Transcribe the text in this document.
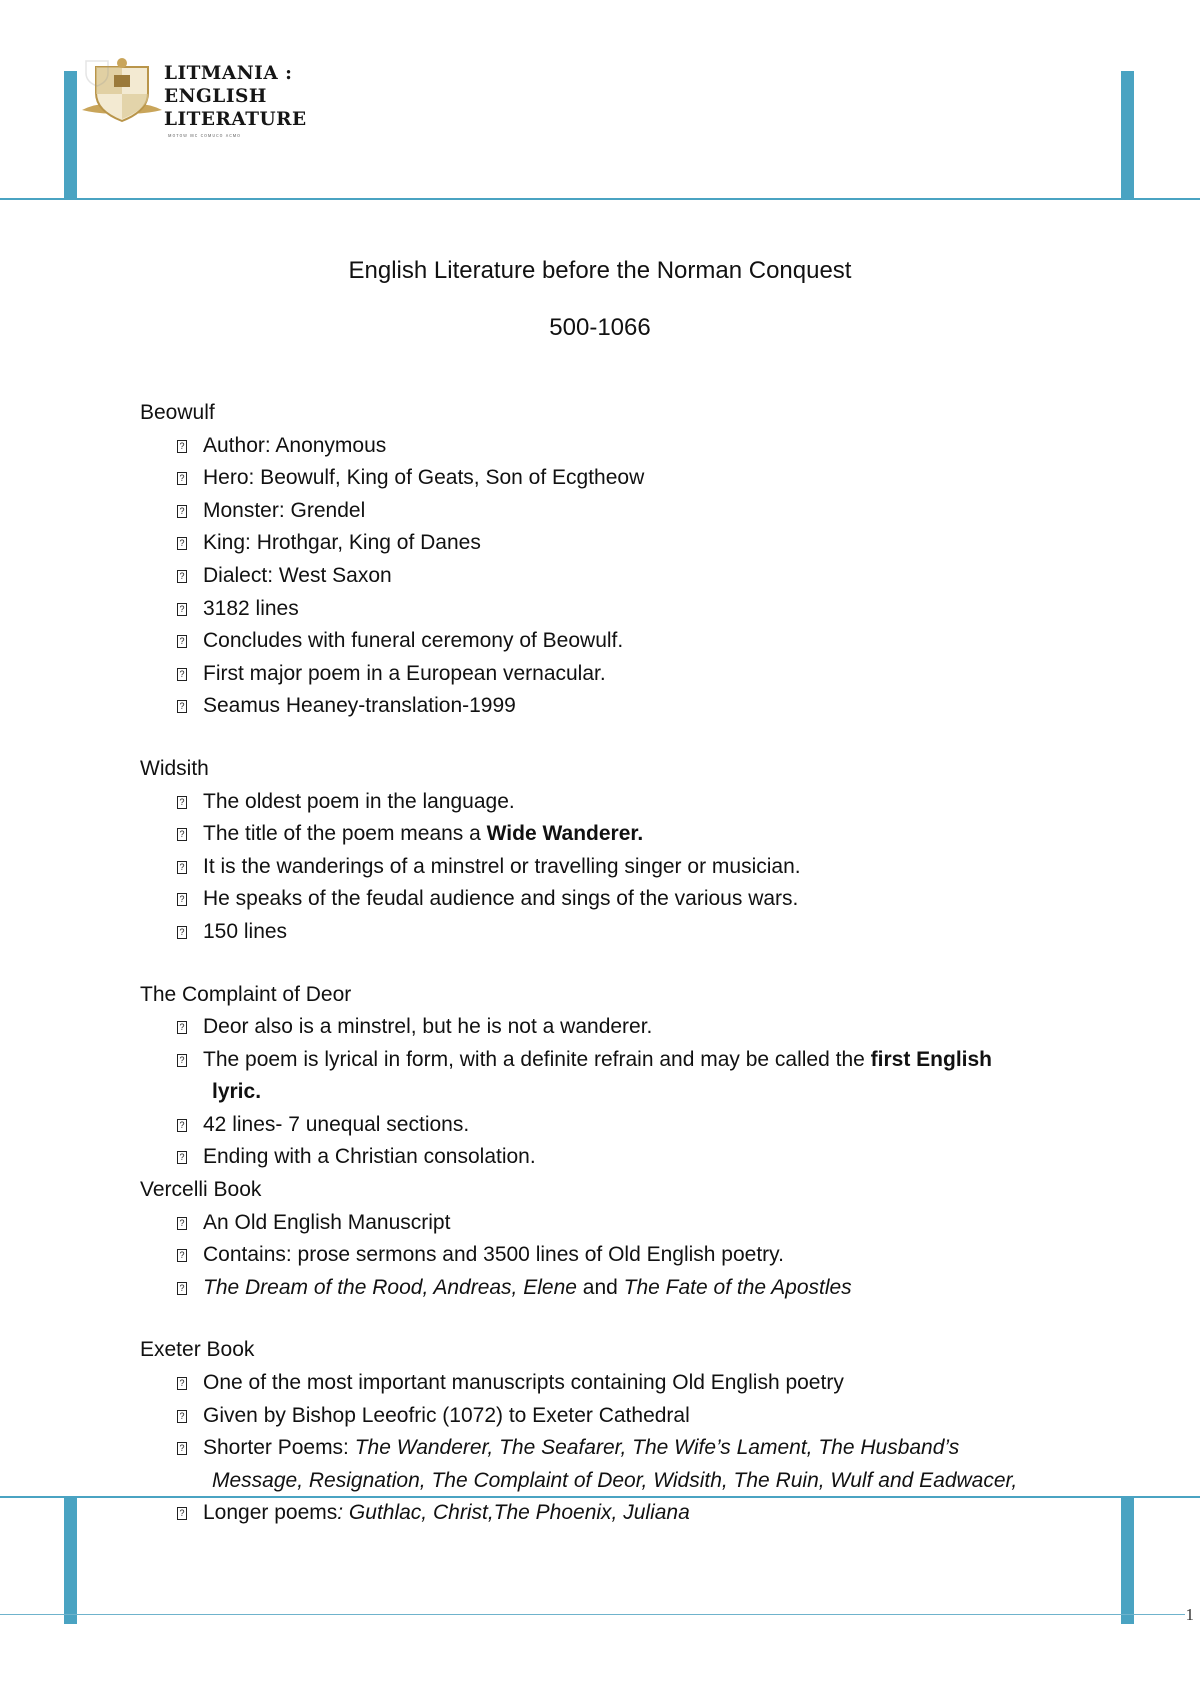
LITMANIA :
ENGLISH
LITERATURE
ᴍᴏᴛᴏᴡ ᴍᴄ ᴄᴏᴍᴜᴄᴏ ᴀᴄᴍᴏ
English Literature before the Norman Conquest
500-1066
Beowulf
? Author: Anonymous
? Hero: Beowulf, King of Geats, Son of Ecgtheow
? Monster: Grendel
? King: Hrothgar, King of Danes
? Dialect: West Saxon
? 3182 lines
? Concludes with funeral ceremony of Beowulf.
? First major poem in a European vernacular.
? Seamus Heaney-translation-1999
Widsith
? The oldest poem in the language.
? The title of the poem means a Wide Wanderer.
? It is the wanderings of a minstrel or travelling singer or musician.
? He speaks of the feudal audience and sings of the various wars.
? 150 lines
The Complaint of Deor
? Deor also is a minstrel, but he is not a wanderer.
? The poem is lyrical in form, with a definite refrain and may be called the first English
lyric.
? 42 lines- 7 unequal sections.
? Ending with a Christian consolation.
Vercelli Book
? An Old English Manuscript
? Contains: prose sermons and 3500 lines of Old English poetry.
? The Dream of the Rood, Andreas, Elene and The Fate of the Apostles
Exeter Book
? One of the most important manuscripts containing Old English poetry
? Given by Bishop Leeofric (1072) to Exeter Cathedral
? Shorter Poems: The Wanderer, The Seafarer, The Wife’s Lament, The Husband’s
Message, Resignation, The Complaint of Deor, Widsith, The Ruin, Wulf and Eadwacer,
? Longer poems: Guthlac, Christ,The Phoenix, Juliana
1
